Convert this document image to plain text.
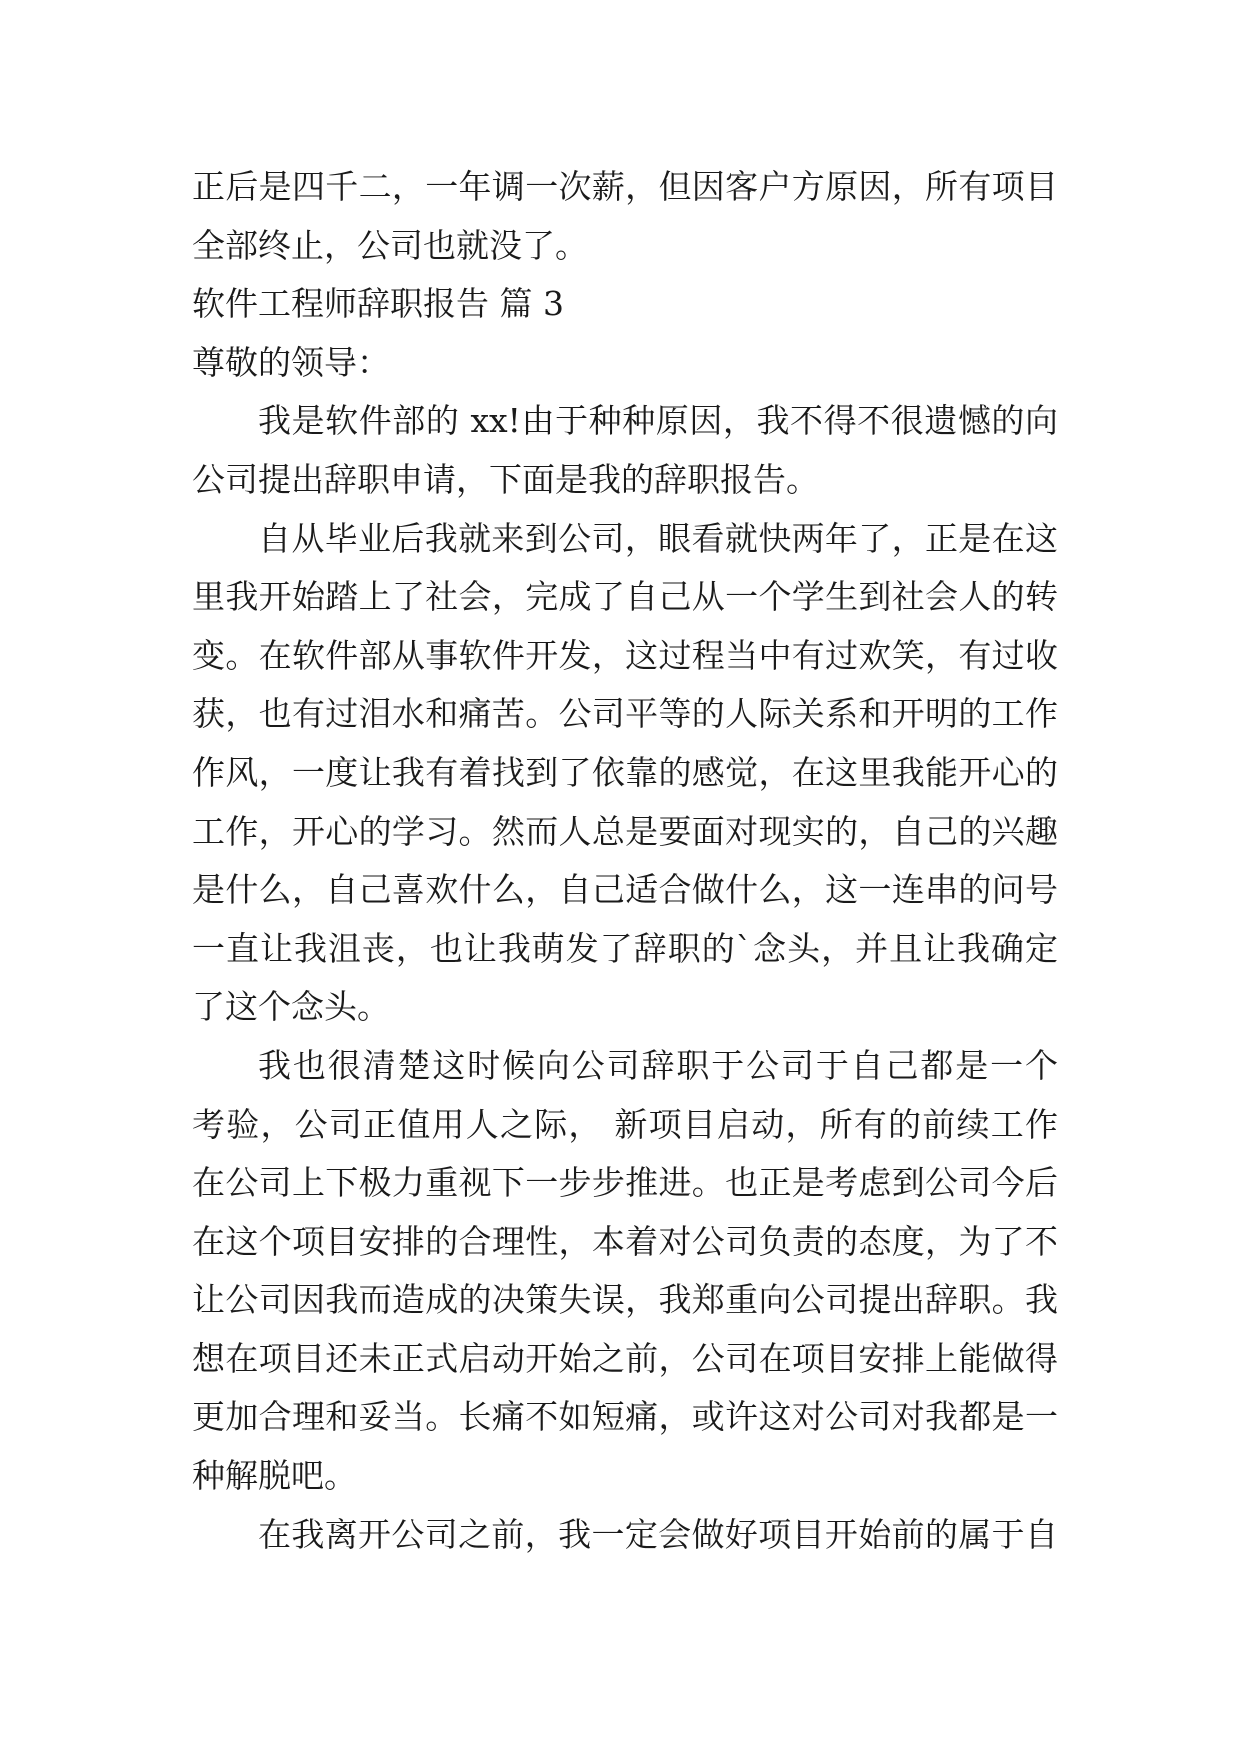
正后是四千二，一年调一次薪，但因客户方原因，所有项目
全部终止，公司也就没了。
软件工程师辞职报告 篇 3
尊敬的领导：
我是软件部的 xx!由于种种原因，我不得不很遗憾的向
公司提出辞职申请，下面是我的辞职报告。
自从毕业后我就来到公司，眼看就快两年了，正是在这
里我开始踏上了社会，完成了自己从一个学生到社会人的转
变。在软件部从事软件开发，这过程当中有过欢笑，有过收
获，也有过泪水和痛苦。公司平等的人际关系和开明的工作
作风，一度让我有着找到了依靠的感觉，在这里我能开心的
工作，开心的学习。然而人总是要面对现实的，自己的兴趣
是什么，自己喜欢什么，自己适合做什么，这一连串的问号
一直让我沮丧，也让我萌发了辞职的`念头，并且让我确定
了这个念头。
我也很清楚这时候向公司辞职于公司于自己都是一个
考验，公司正值用人之际， 新项目启动，所有的前续工作
在公司上下极力重视下一步步推进。也正是考虑到公司今后
在这个项目安排的合理性，本着对公司负责的态度，为了不
让公司因我而造成的决策失误，我郑重向公司提出辞职。我
想在项目还未正式启动开始之前，公司在项目安排上能做得
更加合理和妥当。长痛不如短痛，或许这对公司对我都是一
种解脱吧。
在我离开公司之前，我一定会做好项目开始前的属于自
